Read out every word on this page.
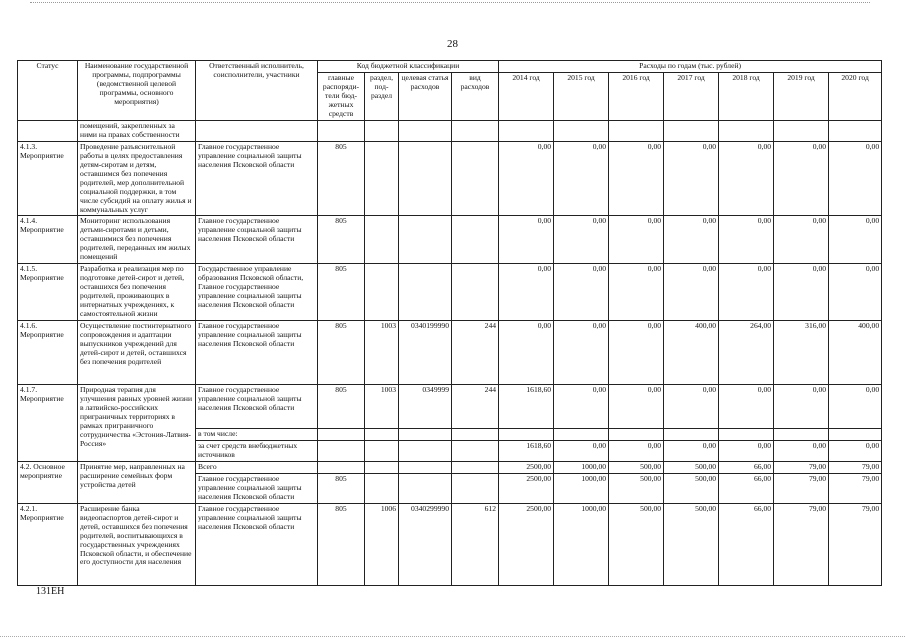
28
Статус	Наименование государственной программы, подпрограммы (ведомственной целевой программы, основного мероприятия)	Ответственный исполнитель, соисполнители, участники	Код бюджетной классификации				Расходы по годам (тыс. рублей)						
			главные распоряди-тели бюд-жетных средств	раздел, под-раздел	целевая статья расходов	вид расходов	2014 год	2015 год	2016 год	2017 год	2018 год	2019 год	2020 год
	помещений, закрепленных за ними на правах собственности												
4.1.3. Мероприятие	Проведение разъяснительной работы в целях предоставления детям-сиротам и детям, оставшимся без попечения родителей, мер дополнительной социальной поддержки, в том числе субсидий на оплату жилья и коммунальных услуг	Главное государственное управление социальной защиты населения Псковской области	805				0,00	0,00	0,00	0,00	0,00	0,00	0,00
4.1.4. Мероприятие	Мониторинг использования детьми-сиротами и детьми, оставшимися без попечения родителей, переданных им жилых помещений	Главное государственное управление социальной защиты населения Псковской области	805				0,00	0,00	0,00	0,00	0,00	0,00	0,00
4.1.5. Мероприятие	Разработка и реализация мер по подготовке детей-сирот и детей, оставшихся без попечения родителей, проживающих в интернатных учреждениях, к самостоятельной жизни	Государственное управление образования Псковской области, Главное государственное управление социальной защиты населения Псковской области	805				0,00	0,00	0,00	0,00	0,00	0,00	0,00
4.1.6. Мероприятие	Осуществление постинтернатного сопровождения и адаптации выпускников учреждений для детей-сирот и детей, оставшихся без попечения родителей	Главное государственное управление социальной защиты населения Псковской области	805	1003	0340199990	244	0,00	0,00	0,00	400,00	264,00	316,00	400,00
4.1.7. Мероприятие	Природная терапия для улучшения равных уровней жизни в латвийско-российских приграничных территориях в рамках приграничного сотрудничества «Эстония-Латвия-Россия»	Главное государственное управление социальной защиты населения Псковской области	805	1003	0349999	244	1618,60	0,00	0,00	0,00	0,00	0,00	0,00
		в том числе:											
		за счет средств внебюджетных источников					1618,60	0,00	0,00	0,00	0,00	0,00	0,00
4.2. Основное мероприятие	Принятие мер, направленных на расширение семейных форм устройства детей	Всего					2500,00	1000,00	500,00	500,00	66,00	79,00	79,00
		Главное государственное управление социальной защиты населения Псковской области	805				2500,00	1000,00	500,00	500,00	66,00	79,00	79,00
4.2.1. Мероприятие	Расширение банка видеопаспортов детей-сирот и детей, оставшихся без попечения родителей, воспитывающихся в государственных учреждениях Псковской области, и обеспечение его доступности для населения	Главное государственное управление социальной защиты населения Псковской области	805	1006	0340299990	612	2500,00	1000,00	500,00	500,00	66,00	79,00	79,00
131EH
